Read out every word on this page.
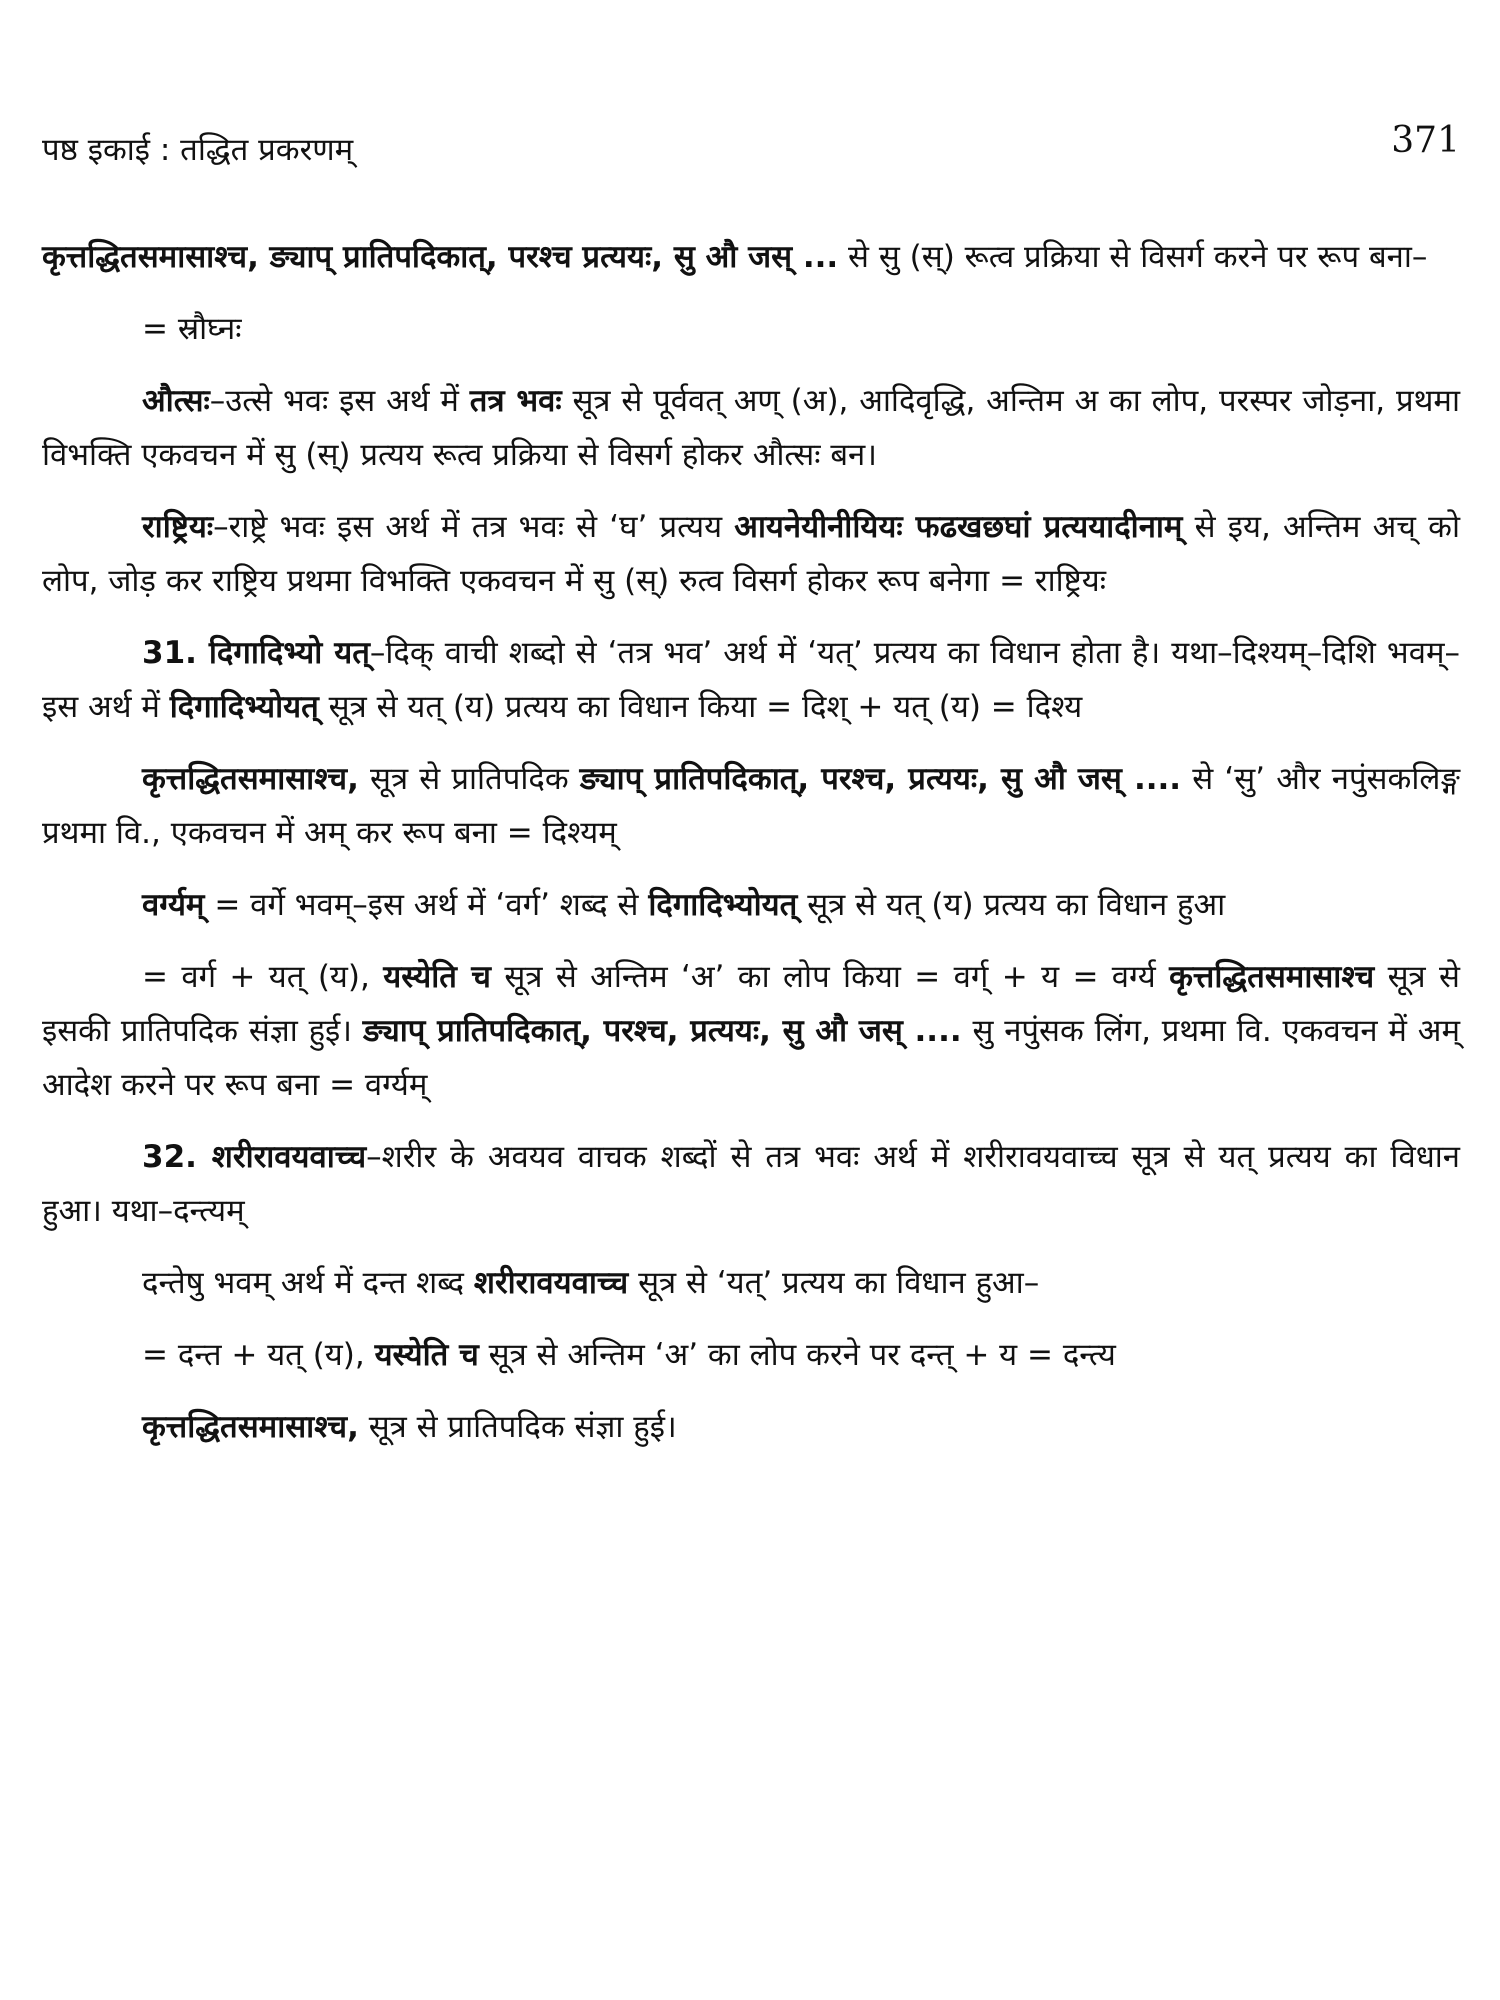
पष्ठ इकाई : तद्धित प्रकरणम्	371

कृत्तद्धितसमासाश्च, ङ्याप् प्रातिपदिकात्, परश्च प्रत्ययः, सु औ जस् ... से सु (स्) रूत्व प्रक्रिया से विसर्ग करने पर रूप बना–

= स्रौघ्नः

औत्सः–उत्से भवः इस अर्थ में तत्र भवः सूत्र से पूर्ववत् अण् (अ), आदिवृद्धि, अन्तिम अ का लोप, परस्पर जोड़ना, प्रथमा विभक्ति एकवचन में सु (स्) प्रत्यय रूत्व प्रक्रिया से विसर्ग होकर औत्सः बन।

राष्ट्रियः–राष्ट्रे भवः इस अर्थ में तत्र भवः से ‘घ’ प्रत्यय आयनेयीनीयियः फढखछघां प्रत्ययादीनाम् से इय, अन्तिम अच् को लोप, जोड़ कर राष्ट्रिय प्रथमा विभक्ति एकवचन में सु (स्) रुत्व विसर्ग होकर रूप बनेगा = राष्ट्रियः

31. दिगादिभ्यो यत्–दिक् वाची शब्दो से ‘तत्र भव’ अर्थ में ‘यत्’ प्रत्यय का विधान होता है। यथा–दिश्यम्–दिशि भवम्–इस अर्थ में दिगादिभ्योयत् सूत्र से यत् (य) प्रत्यय का विधान किया = दिश् + यत् (य) = दिश्य

कृत्तद्धितसमासाश्च, सूत्र से प्रातिपदिक ङ्याप् प्रातिपदिकात्, परश्च, प्रत्ययः, सु औ जस् .... से ‘सु’ और नपुंसकलिङ्ग प्रथमा वि., एकवचन में अम् कर रूप बना = दिश्यम्

वर्ग्यम् = वर्गे भवम्–इस अर्थ में ‘वर्ग’ शब्द से दिगादिभ्योयत् सूत्र से यत् (य) प्रत्यय का विधान हुआ

= वर्ग + यत् (य), यस्येति च सूत्र से अन्तिम ‘अ’ का लोप किया = वर्ग् + य = वर्ग्य कृत्तद्धितसमासाश्च सूत्र से इसकी प्रातिपदिक संज्ञा हुई। ङ्याप् प्रातिपदिकात्, परश्च, प्रत्ययः, सु औ जस् .... सु नपुंसक लिंग, प्रथमा वि. एकवचन में अम् आदेश करने पर रूप बना = वर्ग्यम्

32. शरीरावयवाच्च–शरीर के अवयव वाचक शब्दों से तत्र भवः अर्थ में शरीरावयवाच्च सूत्र से यत् प्रत्यय का विधान हुआ। यथा–दन्त्यम्

दन्तेषु भवम् अर्थ में दन्त शब्द शरीरावयवाच्च सूत्र से ‘यत्’ प्रत्यय का विधान हुआ–

= दन्त + यत् (य), यस्येति च सूत्र से अन्तिम ‘अ’ का लोप करने पर दन्त् + य = दन्त्य

कृत्तद्धितसमासाश्च, सूत्र से प्रातिपदिक संज्ञा हुई।
